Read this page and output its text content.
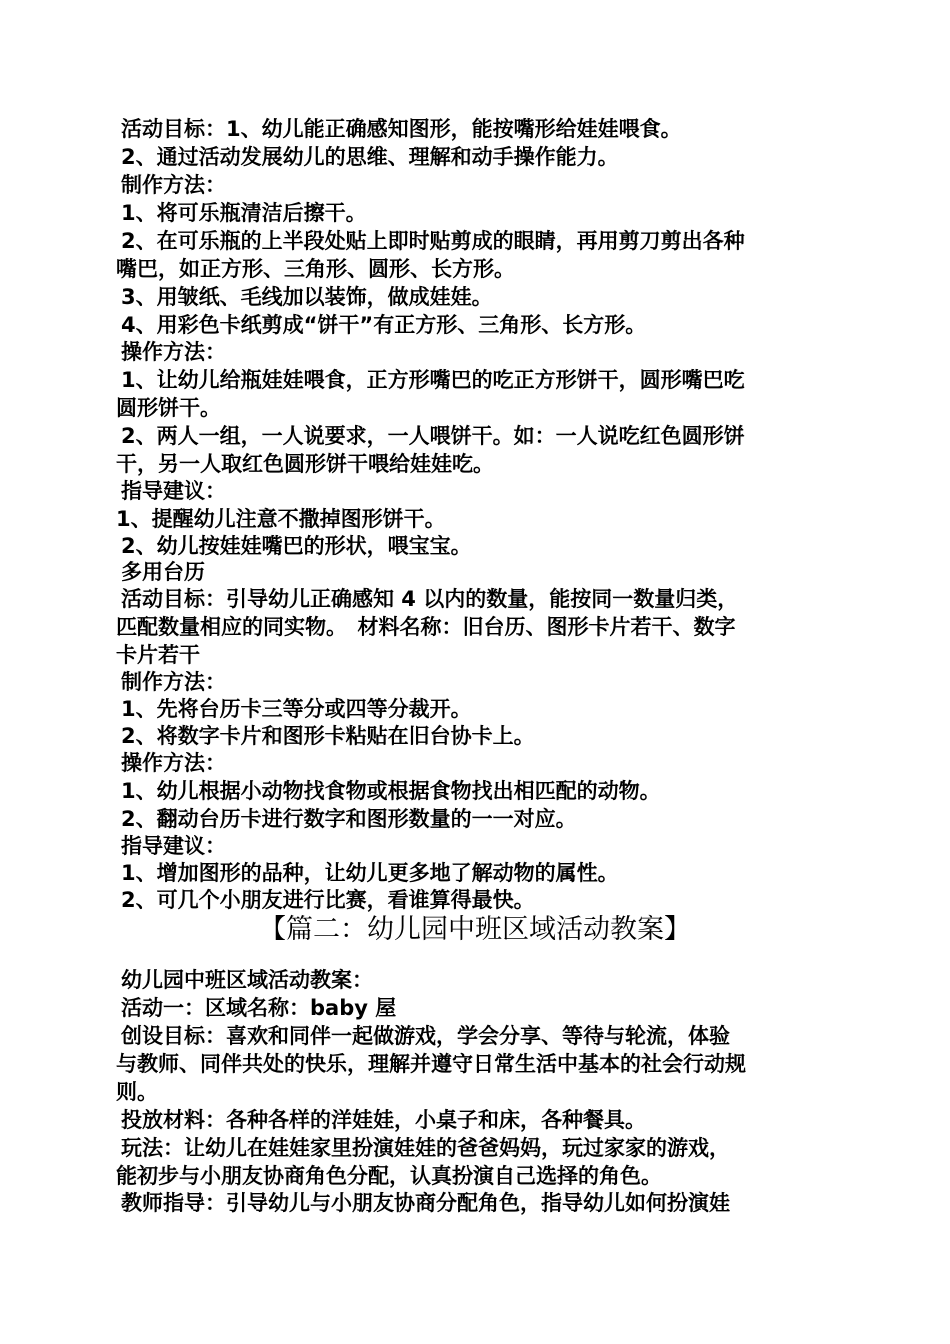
活动目标：1、幼儿能正确感知图形，能按嘴形给娃娃喂食。
2、通过活动发展幼儿的思维、理解和动手操作能力。
制作方法：
1、将可乐瓶清洁后擦干。
2、在可乐瓶的上半段处贴上即时贴剪成的眼睛，再用剪刀剪出各种
嘴巴，如正方形、三角形、圆形、长方形。
3、用皱纸、毛线加以装饰，做成娃娃。
4、用彩色卡纸剪成“饼干”有正方形、三角形、长方形。
操作方法：
1、让幼儿给瓶娃娃喂食，正方形嘴巴的吃正方形饼干，圆形嘴巴吃
圆形饼干。
2、两人一组，一人说要求，一人喂饼干。如：一人说吃红色圆形饼
干，另一人取红色圆形饼干喂给娃娃吃。
指导建议：
1、提醒幼儿注意不撒掉图形饼干。
2、幼儿按娃娃嘴巴的形状，喂宝宝。
多用台历
活动目标：引导幼儿正确感知 4 以内的数量，能按同一数量归类，
匹配数量相应的同实物。　材料名称：旧台历、图形卡片若干、数字
卡片若干
制作方法：
1、先将台历卡三等分或四等分裁开。
2、将数字卡片和图形卡粘贴在旧台协卡上。
操作方法：
1、幼儿根据小动物找食物或根据食物找出相匹配的动物。
2、翻动台历卡进行数字和图形数量的一一对应。
指导建议：
1、增加图形的品种，让幼儿更多地了解动物的属性。
2、可几个小朋友进行比赛，看谁算得最快。
【篇二：幼儿园中班区域活动教案】
幼儿园中班区域活动教案：
活动一：区域名称：baby 屋
创设目标：喜欢和同伴一起做游戏，学会分享、等待与轮流，体验
与教师、同伴共处的快乐，理解并遵守日常生活中基本的社会行动规
则。
投放材料：各种各样的洋娃娃，小桌子和床，各种餐具。
玩法：让幼儿在娃娃家里扮演娃娃的爸爸妈妈，玩过家家的游戏，
能初步与小朋友协商角色分配，认真扮演自己选择的角色。
教师指导：引导幼儿与小朋友协商分配角色，指导幼儿如何扮演娃
